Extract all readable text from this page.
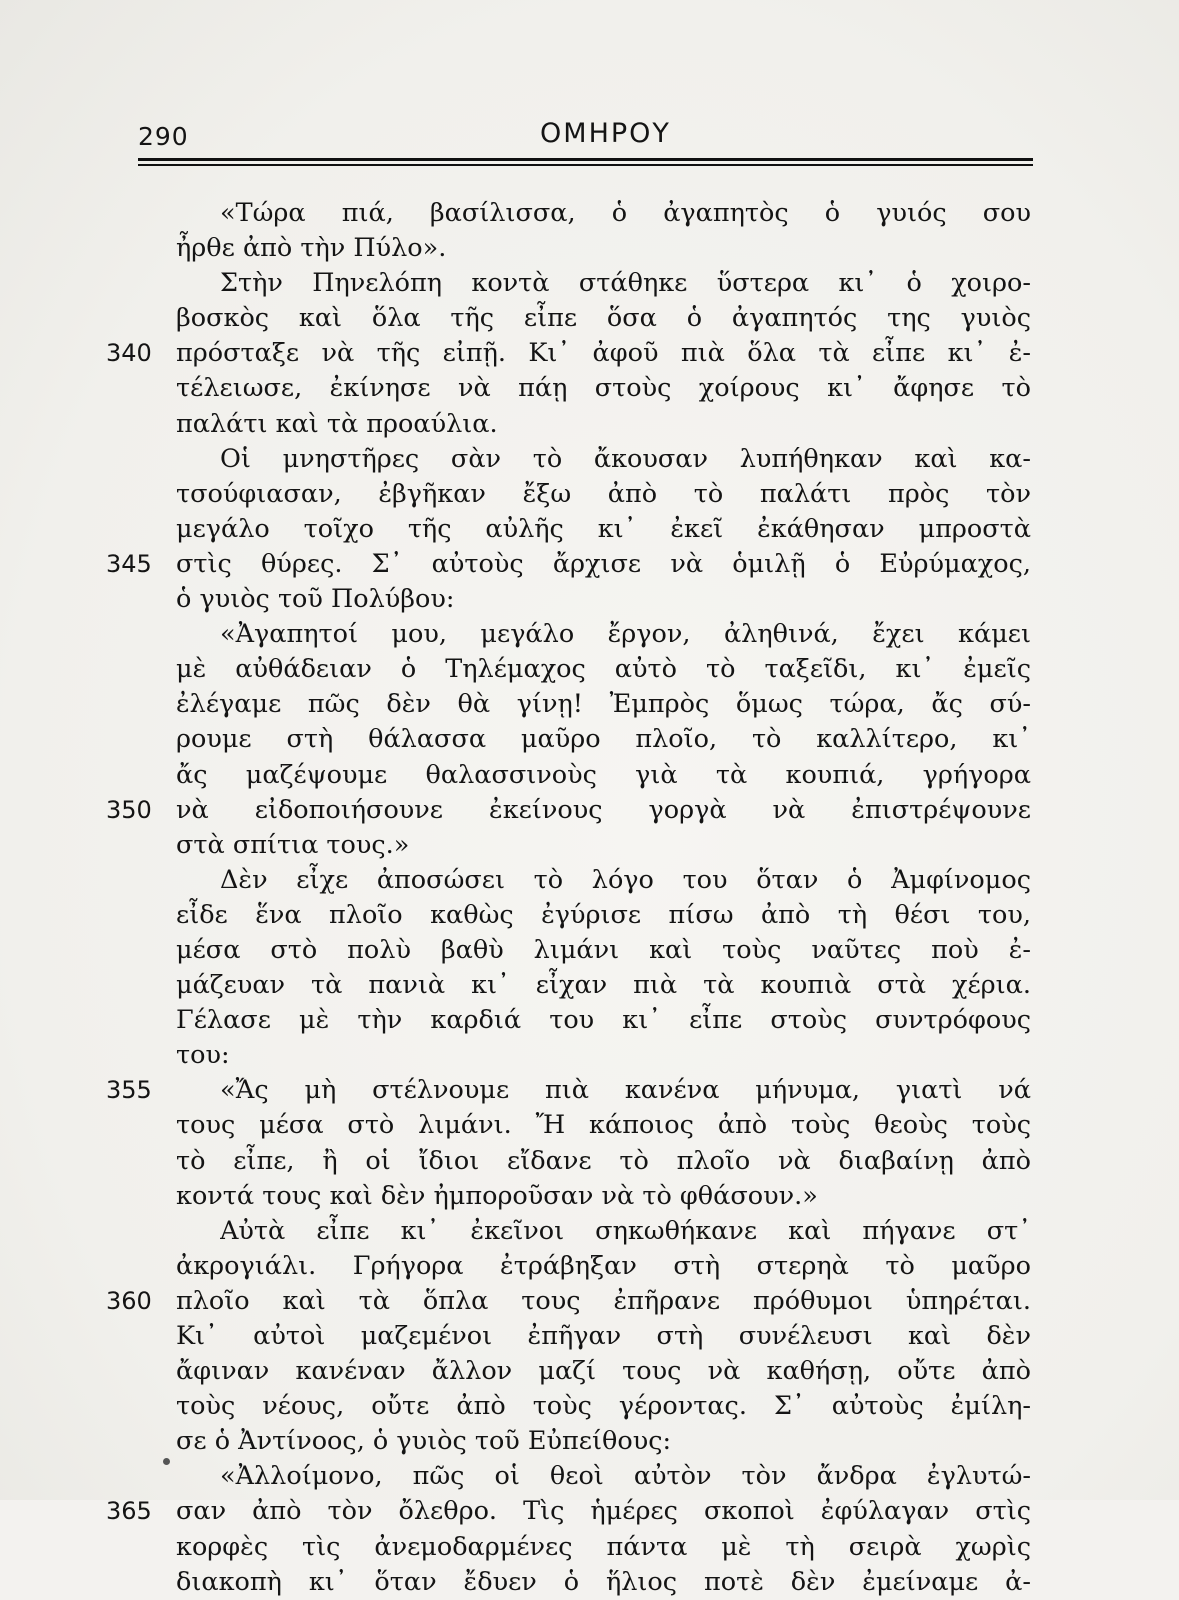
290	ΟΜΗΡΟΥ
«Τώρα πιά, βασίλισσα, ὁ ἀγαπητὸς ὁ γυιός σου
ἦρθε ἀπὸ τὴν Πύλο».
Στὴν Πηνελόπη κοντὰ στάθηκε ὕστερα κι᾽ ὁ χοιρο-
βοσκὸς καὶ ὅλα τῆς εἶπε ὅσα ὁ ἀγαπητός της γυιὸς
340 πρόσταξε νὰ τῆς εἰπῇ. Κι᾽ ἀφοῦ πιὰ ὅλα τὰ εἶπε κι᾽ ἐ-
τέλειωσε, ἐκίνησε νὰ πάῃ στοὺς χοίρους κι᾽ ἄφησε τὸ
παλάτι καὶ τὰ προαύλια.
Οἱ μνηστῆρες σὰν τὸ ἄκουσαν λυπήθηκαν καὶ κα-
τσούφιασαν, ἐβγῆκαν ἔξω ἀπὸ τὸ παλάτι πρὸς τὸν
μεγάλο τοῖχο τῆς αὐλῆς κι᾽ ἐκεῖ ἐκάθησαν μπροστὰ
345 στὶς θύρες. Σ᾽ αὐτοὺς ἄρχισε νὰ ὁμιλῇ ὁ Εὐρύμαχος,
ὁ γυιὸς τοῦ Πολύβου:
«Ἀγαπητοί μου, μεγάλο ἔργον, ἀληθινά, ἔχει κάμει
μὲ αὐθάδειαν ὁ Τηλέμαχος αὐτὸ τὸ ταξεῖδι, κι᾽ ἐμεῖς
ἐλέγαμε πῶς δὲν θὰ γίνῃ! Ἐμπρὸς ὅμως τώρα, ἄς σύ-
ρουμε στὴ θάλασσα μαῦρο πλοῖο, τὸ καλλίτερο, κι᾽
ἄς μαζέψουμε θαλασσινοὺς γιὰ τὰ κουπιά, γρήγορα
350 νὰ εἰδοποιήσουνε ἐκείνους γοργὰ νὰ ἐπιστρέψουνε
στὰ σπίτια τους.»
Δὲν εἶχε ἀποσώσει τὸ λόγο του ὅταν ὁ Ἀμφίνομος
εἶδε ἕνα πλοῖο καθὼς ἐγύρισε πίσω ἀπὸ τὴ θέσι του,
μέσα στὸ πολὺ βαθὺ λιμάνι καὶ τοὺς ναῦτες ποὺ ἐ-
μάζευαν τὰ πανιὰ κι᾽ εἶχαν πιὰ τὰ κουπιὰ στὰ χέρια.
Γέλασε μὲ τὴν καρδιά του κι᾽ εἶπε στοὺς συντρόφους
του:
355	«Ἄς μὴ στέλνουμε πιὰ κανένα μήνυμα, γιατὶ νά
τους μέσα στὸ λιμάνι. Ἤ κάποιος ἀπὸ τοὺς θεοὺς τοὺς
τὸ εἶπε, ἢ οἱ ἴδιοι εἴδανε τὸ πλοῖο νὰ διαβαίνῃ ἀπὸ
κοντά τους καὶ δὲν ἠμποροῦσαν νὰ τὸ φθάσουν.»
Αὐτὰ εἶπε κι᾽ ἐκεῖνοι σηκωθήκανε καὶ πήγανε στ᾽
ἀκρογιάλι. Γρήγορα ἐτράβηξαν στὴ στερηὰ τὸ μαῦρο
360 πλοῖο καὶ τὰ ὅπλα τους ἐπῆρανε πρόθυμοι ὑπηρέται.
Κι᾽ αὐτοὶ μαζεμένοι ἐπῆγαν στὴ συνέλευσι καὶ δὲν
ἄφιναν κανέναν ἄλλον μαζί τους νὰ καθήσῃ, οὔτε ἀπὸ
τοὺς νέους, οὔτε ἀπὸ τοὺς γέροντας. Σ᾽ αὐτοὺς ἐμίλη-
σε ὁ Ἀντίνοος, ὁ γυιὸς τοῦ Εὐπείθους:
«Ἀλλοίμονο, πῶς οἱ θεοὶ αὐτὸν τὸν ἄνδρα ἐγλυτώ-
365 σαν ἀπὸ τὸν ὄλεθρο. Τὶς ἡμέρες σκοποὶ ἐφύλαγαν στὶς
κορφὲς τὶς ἀνεμοδαρμένες πάντα μὲ τὴ σειρὰ χωρὶς
διακοπὴ κι᾽ ὅταν ἔδυεν ὁ ἥλιος ποτὲ δὲν ἐμείναμε ἀ-
